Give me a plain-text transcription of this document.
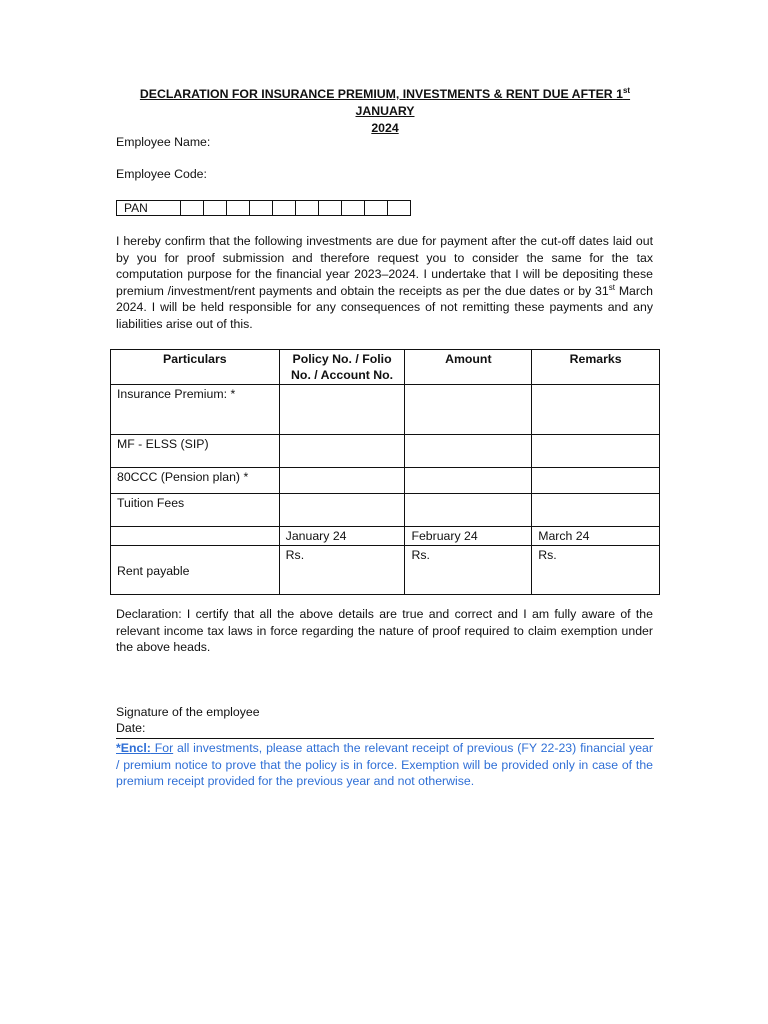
DECLARATION FOR INSURANCE PREMIUM, INVESTMENTS & RENT DUE AFTER 1st JANUARY
2024
Employee Name:
Employee Code:
PAN										
I hereby confirm that the following investments are due for payment after the cut-off dates laid out by you for proof submission and therefore request you to consider the same for the tax computation purpose for the financial year 2023–2024. I undertake that I will be depositing these premium /investment/rent payments and obtain the receipts as per the due dates or by 31st March 2024. I will be held responsible for any consequences of not remitting these payments and any liabilities arise out of this.
Particulars	Policy No. / Folio No. / Account No.	Amount	Remarks
Insurance Premium: *			
MF - ELSS (SIP)			
80CCC (Pension plan) *			
Tuition Fees			
	January 24	February 24	March 24
Rent payable	Rs.	Rs.	Rs.
Declaration: I certify that all the above details are true and correct and I am fully aware of the relevant income tax laws in force regarding the nature of proof required to claim exemption under the above heads.
Signature of the employee
Date:
*Encl: For all investments, please attach the relevant receipt of previous (FY 22-23) financial year / premium notice to prove that the policy is in force. Exemption will be provided only in case of the premium receipt provided for the previous year and not otherwise.
